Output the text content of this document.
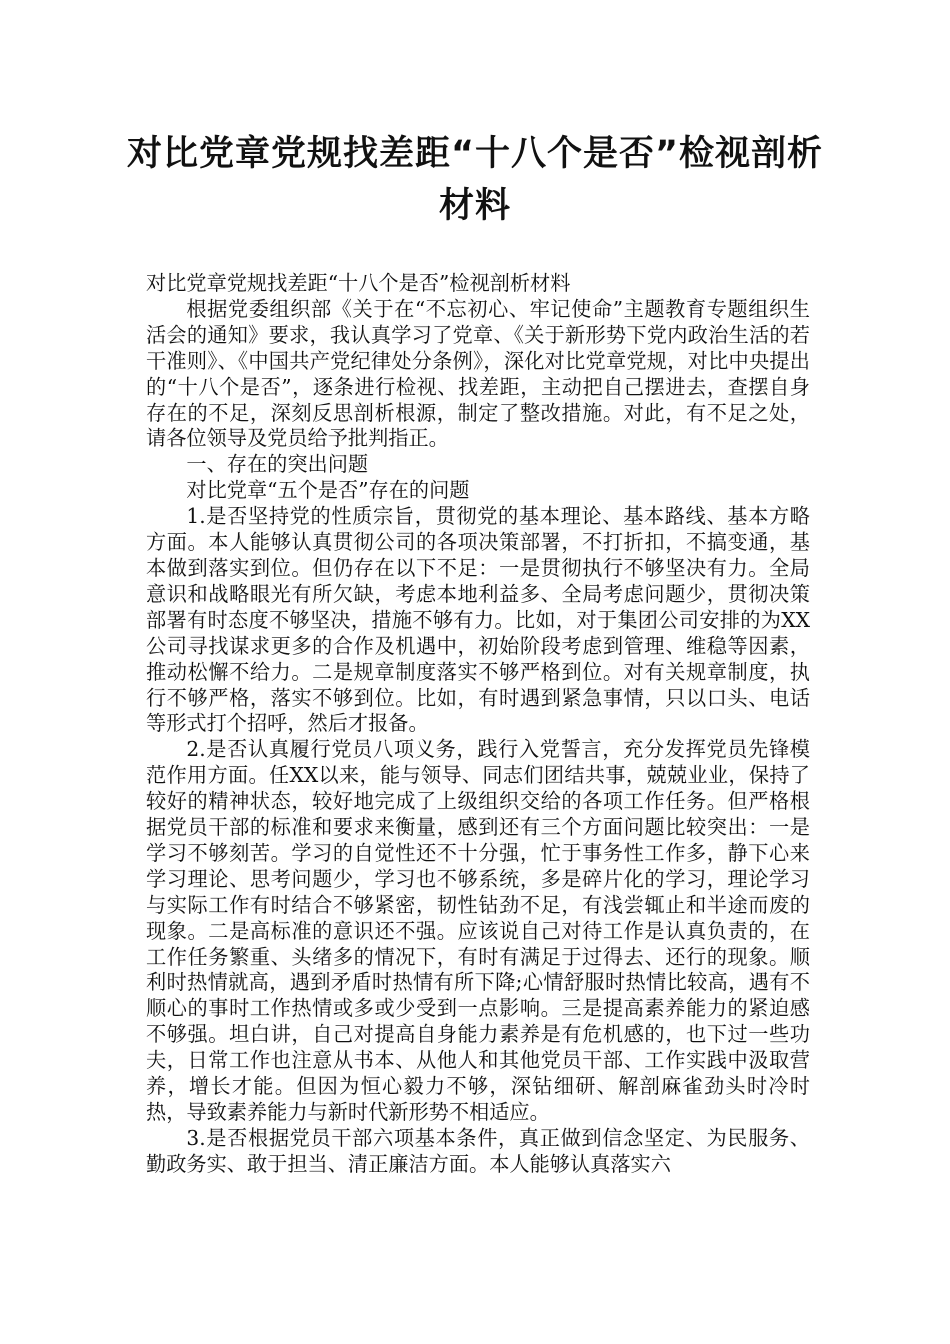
对比党章党规找差距“十八个是否”检视剖析材料

对比党章党规找差距“十八个是否”检视剖析材料

根据党委组织部《关于在“不忘初心、牢记使命”主题教育专题组织生活会的通知》要求，我认真学习了党章、《关于新形势下党内政治生活的若干准则》、《中国共产党纪律处分条例》，深化对比党章党规，对比中央提出的“十八个是否”，逐条进行检视、找差距，主动把自己摆进去，查摆自身存在的不足，深刻反思剖析根源，制定了整改措施。对此，有不足之处，请各位领导及党员给予批判指正。

一、存在的突出问题

对比党章“五个是否”存在的问题

1.是否坚持党的性质宗旨，贯彻党的基本理论、基本路线、基本方略方面。本人能够认真贯彻公司的各项决策部署，不打折扣，不搞变通，基本做到落实到位。但仍存在以下不足：一是贯彻执行不够坚决有力。全局意识和战略眼光有所欠缺，考虑本地利益多、全局考虑问题少，贯彻决策部署有时态度不够坚决，措施不够有力。比如，对于集团公司安排的为XX公司寻找谋求更多的合作及机遇中，初始阶段考虑到管理、维稳等因素，推动松懈不给力。二是规章制度落实不够严格到位。对有关规章制度，执行不够严格，落实不够到位。比如，有时遇到紧急事情，只以口头、电话等形式打个招呼，然后才报备。

2.是否认真履行党员八项义务，践行入党誓言，充分发挥党员先锋模范作用方面。任XX以来，能与领导、同志们团结共事，兢兢业业，保持了较好的精神状态，较好地完成了上级组织交给的各项工作任务。但严格根据党员干部的标准和要求来衡量，感到还有三个方面问题比较突出：一是学习不够刻苦。学习的自觉性还不十分强，忙于事务性工作多，静下心来学习理论、思考问题少，学习也不够系统，多是碎片化的学习，理论学习与实际工作有时结合不够紧密，韧性钻劲不足，有浅尝辄止和半途而废的现象。二是高标准的意识还不强。应该说自己对待工作是认真负责的，在工作任务繁重、头绪多的情况下，有时有满足于过得去、还行的现象。顺利时热情就高，遇到矛盾时热情有所下降;心情舒服时热情比较高，遇有不顺心的事时工作热情或多或少受到一点影响。三是提高素养能力的紧迫感不够强。坦白讲，自己对提高自身能力素养是有危机感的，也下过一些功夫，日常工作也注意从书本、从他人和其他党员干部、工作实践中汲取营养，增长才能。但因为恒心毅力不够，深钻细研、解剖麻雀劲头时冷时热，导致素养能力与新时代新形势不相适应。

3.是否根据党员干部六项基本条件，真正做到信念坚定、为民服务、勤政务实、敢于担当、清正廉洁方面。本人能够认真落实六
